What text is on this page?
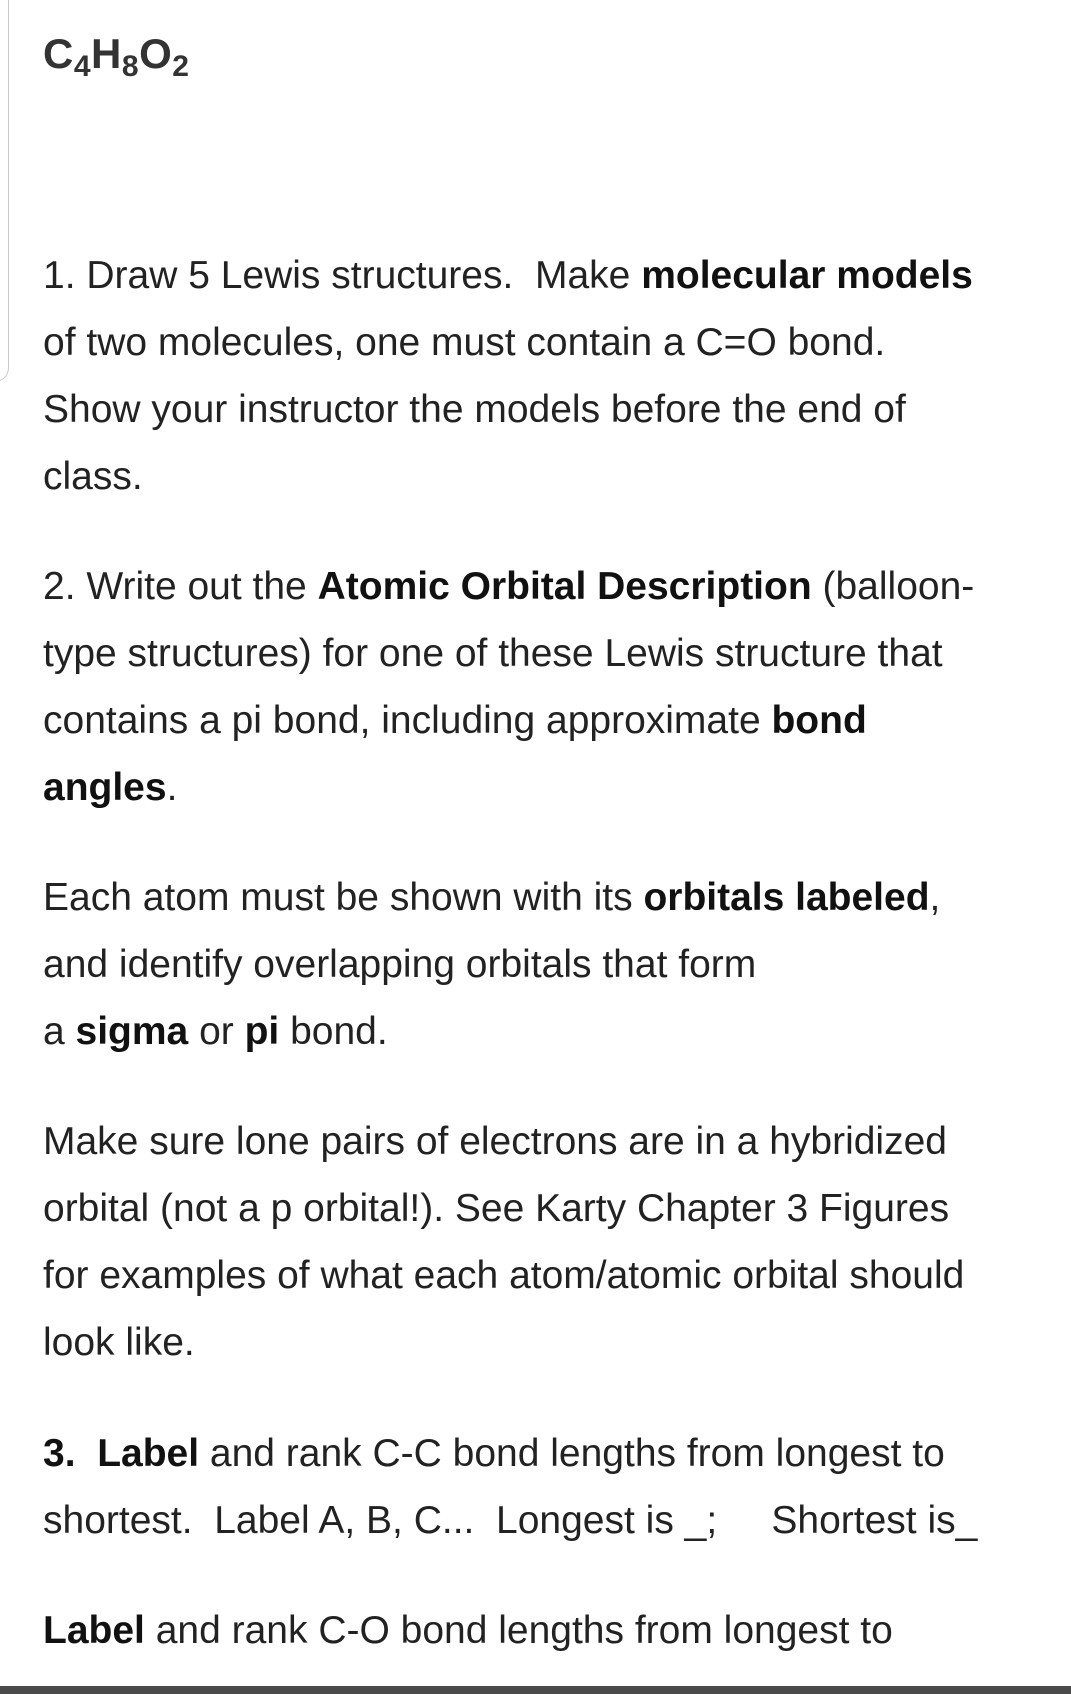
$C_4H_8O_2$
1. Draw 5 Lewis structures.  Make molecular models
of two molecules, one must contain a C=O bond.
Show your instructor the models before the end of
class.
2. Write out the Atomic Orbital Description (balloon-
type structures) for one of these Lewis structure that
contains a pi bond, including approximate bond
angles.
Each atom must be shown with its orbitals labeled,
and identify overlapping orbitals that form
a sigma or pi bond.
Make sure lone pairs of electrons are in a hybridized
orbital (not a p orbital!). See Karty Chapter 3 Figures
for examples of what each atom/atomic orbital should
look like.
3.  Label and rank C-C bond lengths from longest to
shortest.  Label A, B, C...  Longest is _;     Shortest is_
Label and rank C-O bond lengths from longest to
